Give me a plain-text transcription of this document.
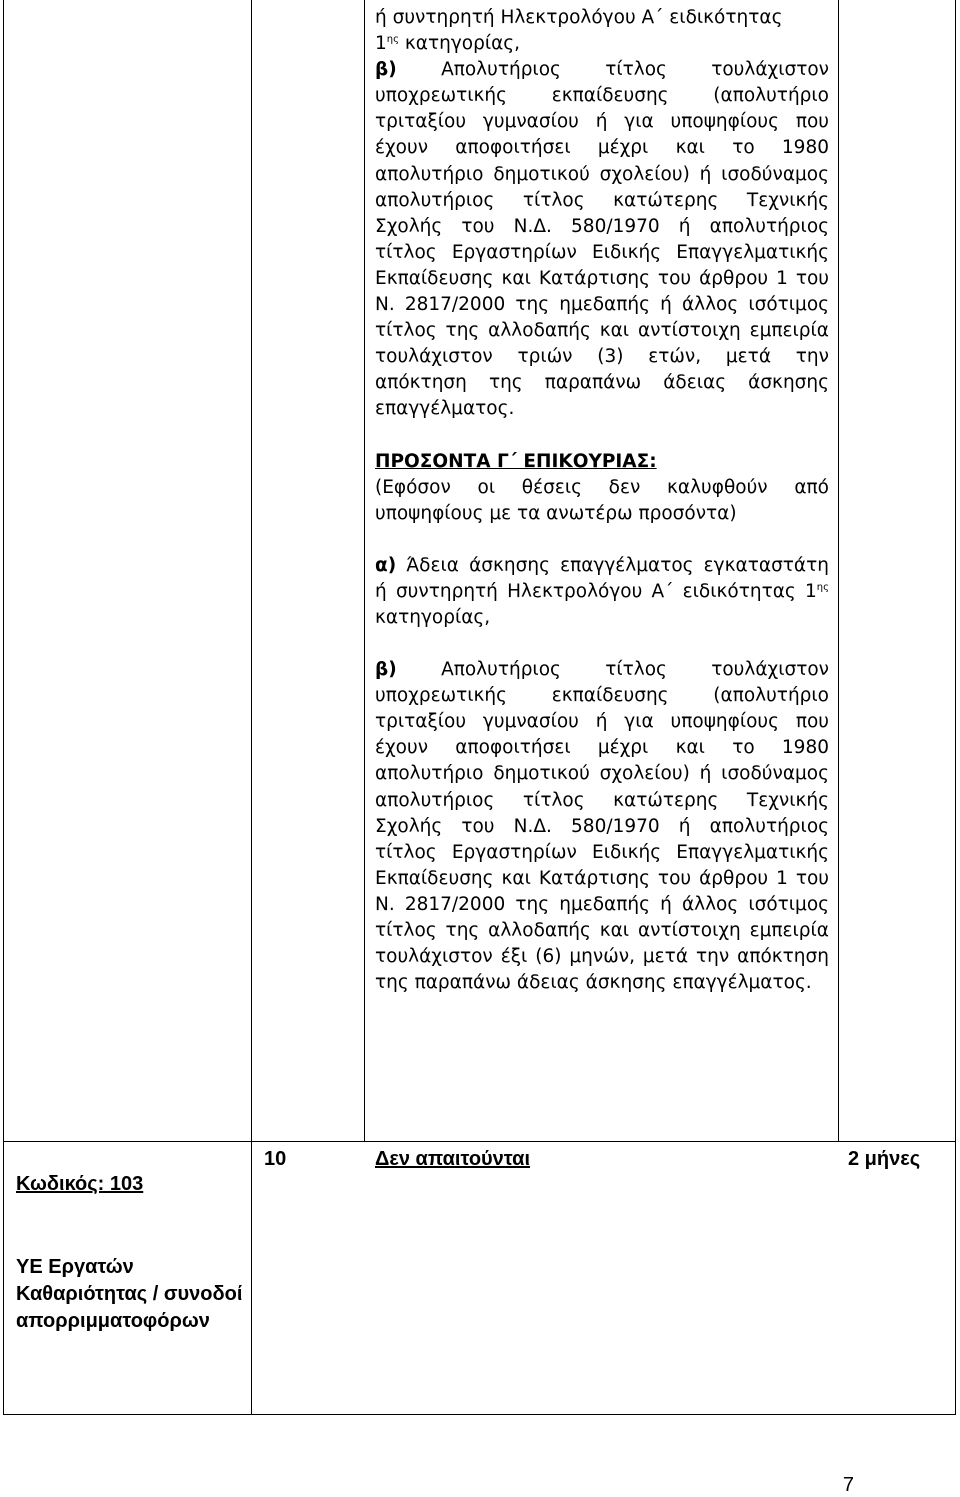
ή συντηρητή Ηλεκτρολόγου Α΄ ειδικότητας
$1^{\eta\varsigma}$ κατηγορίας,

β) Απολυτήριος τίτλος τουλάχιστον υποχρεωτικής εκπαίδευσης (απολυτήριο τριταξίου γυμνασίου ή για υποψηφίους που έχουν αποφοιτήσει μέχρι και το 1980 απολυτήριο δημοτικού σχολείου) ή ισοδύναμος απολυτήριος τίτλος κατώτερης Τεχνικής Σχολής του Ν.Δ. 580/1970 ή απολυτήριος τίτλος Εργαστηρίων Ειδικής Επαγγελματικής Εκπαίδευσης και Κατάρτισης του άρθρου 1 του Ν. 2817/2000 της ημεδαπής ή άλλος ισότιμος τίτλος της αλλοδαπής και αντίστοιχη εμπειρία τουλάχιστον τριών (3) ετών, μετά την απόκτηση της παραπάνω άδειας άσκησης επαγγέλματος.

ΠΡΟΣΟΝΤΑ Γ΄ ΕΠΙΚΟΥΡΙΑΣ:

(Εφόσον οι θέσεις δεν καλυφθούν από υποψηφίους με τα ανωτέρω προσόντα)

α) Άδεια άσκησης επαγγέλματος εγκαταστάτη ή συντηρητή Ηλεκτρολόγου Α΄ ειδικότητας $1^{\eta\varsigma}$ κατηγορίας,

β) Απολυτήριος τίτλος τουλάχιστον υποχρεωτικής εκπαίδευσης (απολυτήριο τριταξίου γυμνασίου ή για υποψηφίους που έχουν αποφοιτήσει μέχρι και το 1980 απολυτήριο δημοτικού σχολείου) ή ισοδύναμος απολυτήριος τίτλος κατώτερης Τεχνικής Σχολής του Ν.Δ. 580/1970 ή απολυτήριος τίτλος Εργαστηρίων Ειδικής Επαγγελματικής Εκπαίδευσης και Κατάρτισης του άρθρου 1 του Ν. 2817/2000 της ημεδαπής ή άλλος ισότιμος τίτλος της αλλοδαπής και αντίστοιχη εμπειρία τουλάχιστον έξι (6) μηνών, μετά την απόκτηση της παραπάνω άδειας άσκησης επαγγέλματος.

Κωδικός: 103
ΥΕ Εργατών Καθαριότητας / συνοδοί απορριμματοφόρων
10	Δεν απαιτούνται	2 μήνες
7
